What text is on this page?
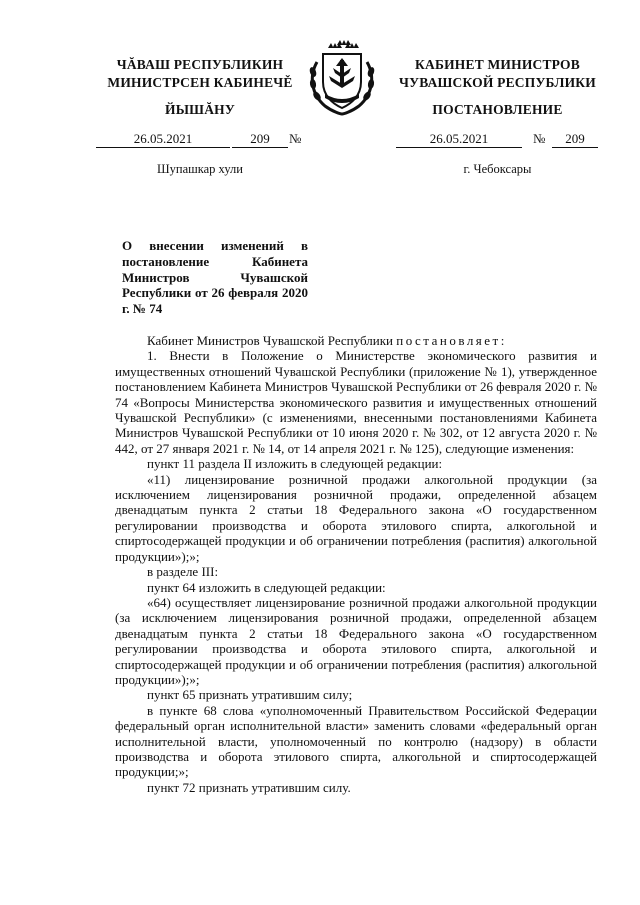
ЧĂВАШ РЕСПУБЛИКИН
МИНИСТРСЕН КАБИНЕЧĚ
ЙЫШĂНУ
26.05.2021	209	№
Шупашкар хули
КАБИНЕТ МИНИСТРОВ
ЧУВАШСКОЙ РЕСПУБЛИКИ
ПОСТАНОВЛЕНИЕ
26.05.2021	№	209
г. Чебоксары
О внесении изменений в постановление Кабинета Министров Чувашской Республики от 26 февраля 2020 г. № 74

Кабинет Министров Чувашской Республики постановляет:

1. Внести в Положение о Министерстве экономического развития и имущественных отношений Чувашской Республики (приложение № 1), утвержденное постановлением Кабинета Министров Чувашской Республики от 26 февраля 2020 г. № 74 «Вопросы Министерства экономического развития и имущественных отношений Чувашской Республики» (с изменениями, внесенными постановлениями Кабинета Министров Чувашской Республики от 10 июня 2020 г. № 302, от 12 августа 2020 г. № 442, от 27 января 2021 г. № 14, от 14 апреля 2021 г. № 125), следующие изменения:

пункт 11 раздела II изложить в следующей редакции:

«11) лицензирование розничной продажи алкогольной продукции (за исключением лицензирования розничной продажи, определенной абзацем двенадцатым пункта 2 статьи 18 Федерального закона «О государственном регулировании производства и оборота этилового спирта, алкогольной и спиртосодержащей продукции и об ограничении потребления (распития) алкогольной продукции»);»;

в разделе III:

пункт 64 изложить в следующей редакции:

«64) осуществляет лицензирование розничной продажи алкогольной продукции (за исключением лицензирования розничной продажи, определенной абзацем двенадцатым пункта 2 статьи 18 Федерального закона «О государственном регулировании производства и оборота этилового спирта, алкогольной и спиртосодержащей продукции и об ограничении потребления (распития) алкогольной продукции»);»;

пункт 65 признать утратившим силу;

в пункте 68 слова «уполномоченный Правительством Российской Федерации федеральный орган исполнительной власти» заменить словами «федеральный орган исполнительной власти, уполномоченный по контролю (надзору) в области производства и оборота этилового спирта, алкогольной и спиртосодержащей продукции;»;

пункт 72 признать утратившим силу.
